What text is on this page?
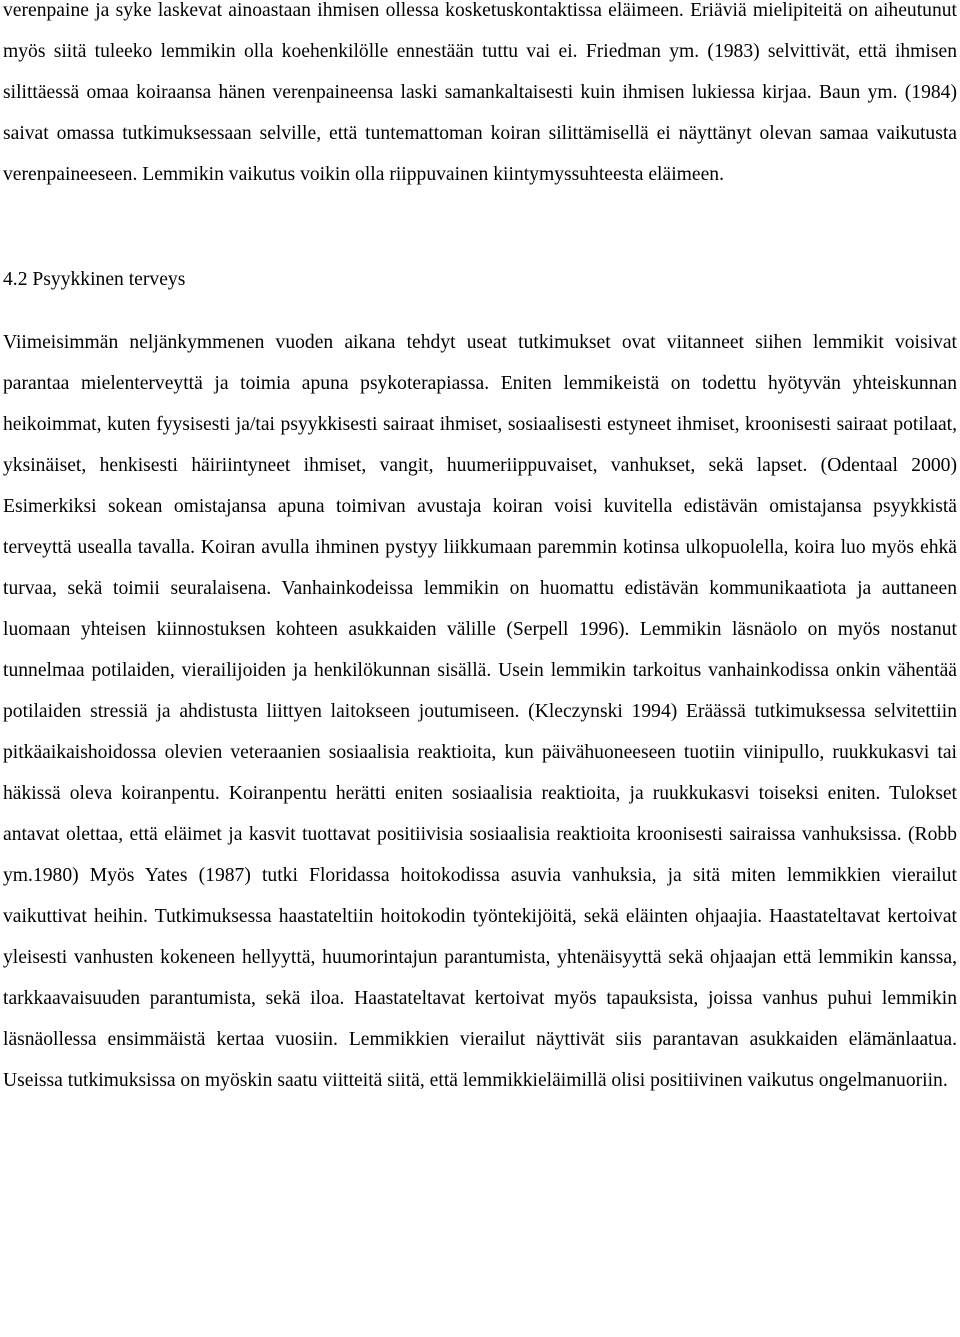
verenpaine ja syke laskevat ainoastaan ihmisen ollessa kosketuskontaktissa eläimeen. Eriäviä mielipiteitä on aiheutunut myös siitä tuleeko lemmikin olla koehenkilölle ennestään tuttu vai ei. Friedman ym. (1983) selvittivät, että ihmisen silittäessä omaa koiraansa hänen verenpaineensa laski samankaltaisesti kuin ihmisen lukiessa kirjaa. Baun ym. (1984) saivat omassa tutkimuksessaan selville, että tuntemattoman koiran silittämisellä ei näyttänyt olevan samaa vaikutusta verenpaineeseen. Lemmikin vaikutus voikin olla riippuvainen kiintymyssuhteesta eläimeen.

4.2 Psyykkinen terveys

Viimeisimmän neljänkymmenen vuoden aikana tehdyt useat tutkimukset ovat viitanneet siihen lemmikit voisivat parantaa mielenterveyttä ja toimia apuna psykoterapiassa. Eniten lemmikeistä on todettu hyötyvän yhteiskunnan heikoimmat, kuten fyysisesti ja/tai psyykkisesti sairaat ihmiset, sosiaalisesti estyneet ihmiset, kroonisesti sairaat potilaat, yksinäiset, henkisesti häiriintyneet ihmiset, vangit, huumeriippuvaiset, vanhukset, sekä lapset. (Odentaal 2000) Esimerkiksi sokean omistajansa apuna toimivan avustaja koiran voisi kuvitella edistävän omistajansa psyykkistä terveyttä usealla tavalla. Koiran avulla ihminen pystyy liikkumaan paremmin kotinsa ulkopuolella, koira luo myös ehkä turvaa, sekä toimii seuralaisena. Vanhainkodeissa lemmikin on huomattu edistävän kommunikaatiota ja auttaneen luomaan yhteisen kiinnostuksen kohteen asukkaiden välille (Serpell 1996). Lemmikin läsnäolo on myös nostanut tunnelmaa potilaiden, vierailijoiden ja henkilökunnan sisällä. Usein lemmikin tarkoitus vanhainkodissa onkin vähentää potilaiden stressiä ja ahdistusta liittyen laitokseen joutumiseen. (Kleczynski 1994) Eräässä tutkimuksessa selvitettiin pitkäaikaishoidossa olevien veteraanien sosiaalisia reaktioita, kun päivähuoneeseen tuotiin viinipullo, ruukkukasvi tai häkissä oleva koiranpentu. Koiranpentu herätti eniten sosiaalisia reaktioita, ja ruukkukasvi toiseksi eniten. Tulokset antavat olettaa, että eläimet ja kasvit tuottavat positiivisia sosiaalisia reaktioita kroonisesti sairaissa vanhuksissa. (Robb ym.1980) Myös Yates (1987) tutki Floridassa hoitokodissa asuvia vanhuksia, ja sitä miten lemmikkien vierailut vaikuttivat heihin. Tutkimuksessa haastateltiin hoitokodin työntekijöitä, sekä eläinten ohjaajia. Haastateltavat kertoivat yleisesti vanhusten kokeneen hellyyttä, huumorintajun parantumista, yhtenäisyyttä sekä ohjaajan että lemmikin kanssa, tarkkaavaisuuden parantumista, sekä iloa. Haastateltavat kertoivat myös tapauksista, joissa vanhus puhui lemmikin läsnäollessa ensimmäistä kertaa vuosiin. Lemmikkien vierailut näyttivät siis parantavan asukkaiden elämänlaatua. Useissa tutkimuksissa on myöskin saatu viitteitä siitä, että lemmikkieläimillä olisi positiivinen vaikutus ongelmanuoriin.
